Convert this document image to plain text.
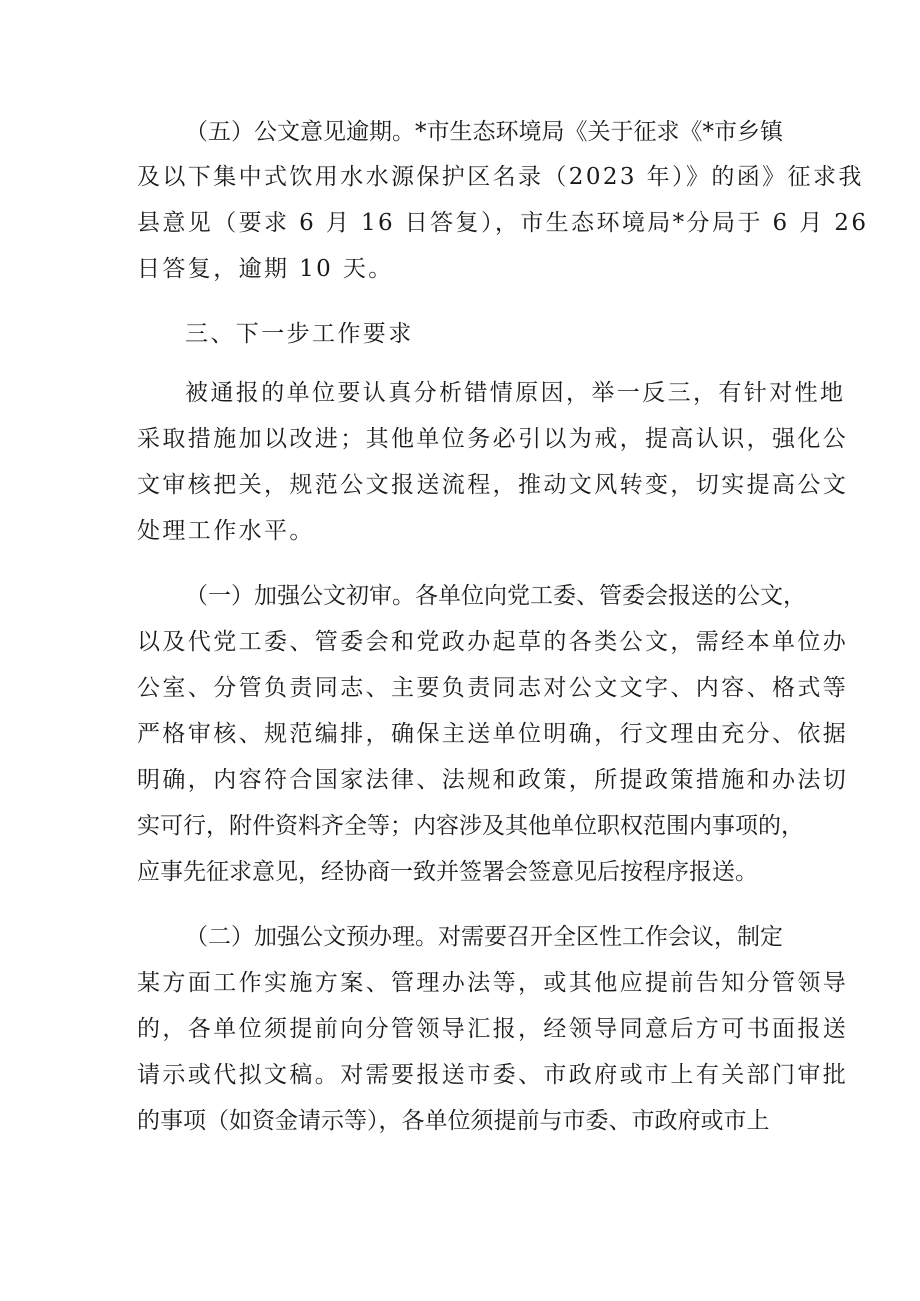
（五）公文意见逾期。*市生态环境局《关于征求《*市乡镇
及以下集中式饮用水水源保护区名录（2023 年）》的函》征求我
县意见（要求 6 月 16 日答复），市生态环境局*分局于 6 月 26
日答复，逾期 10 天。
三、下一步工作要求
被通报的单位要认真分析错情原因，举一反三，有针对性地
采取措施加以改进；其他单位务必引以为戒，提高认识，强化公
文审核把关，规范公文报送流程，推动文风转变，切实提高公文
处理工作水平。
（一）加强公文初审。各单位向党工委、管委会报送的公文，
以及代党工委、管委会和党政办起草的各类公文，需经本单位办
公室、分管负责同志、主要负责同志对公文文字、内容、格式等
严格审核、规范编排，确保主送单位明确，行文理由充分、依据
明确，内容符合国家法律、法规和政策，所提政策措施和办法切
实可行，附件资料齐全等；内容涉及其他单位职权范围内事项的，
应事先征求意见，经协商一致并签署会签意见后按程序报送。
（二）加强公文预办理。对需要召开全区性工作会议，制定
某方面工作实施方案、管理办法等，或其他应提前告知分管领导
的，各单位须提前向分管领导汇报，经领导同意后方可书面报送
请示或代拟文稿。对需要报送市委、市政府或市上有关部门审批
的事项（如资金请示等），各单位须提前与市委、市政府或市上
